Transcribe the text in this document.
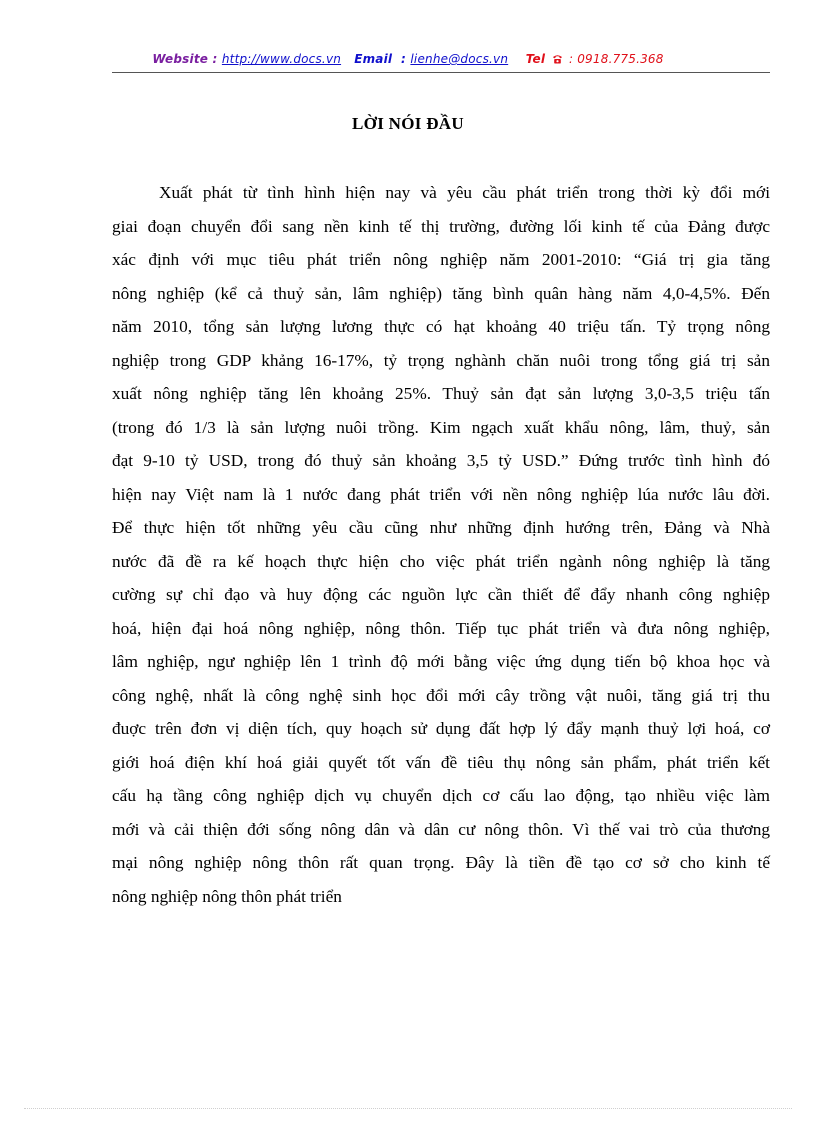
Website : http://www.docs.vn Email : lienhe@docs.vn Tel : 0918.775.368
LỜI NÓI ĐẦU
Xuất phát từ tình hình hiện nay và yêu cầu phát triển trong thời kỳ đổi mới
giai đoạn chuyển đổi sang nền kinh tế thị trường, đường lối kinh tế của Đảng được
xác định với mục tiêu phát triển nông nghiệp năm 2001-2010: “Giá trị gia tăng
nông nghiệp (kể cả thuỷ sản, lâm nghiệp) tăng bình quân hàng năm 4,0-4,5%. Đến
năm 2010, tổng sản lượng lương thực có hạt khoảng 40 triệu tấn. Tỷ trọng nông
nghiệp trong GDP khảng 16-17%, tỷ trọng nghành chăn nuôi trong tổng giá trị sản
xuất nông nghiệp tăng lên khoảng 25%. Thuỷ sản đạt sản lượng 3,0-3,5 triệu tấn
(trong đó 1/3 là sản lượng nuôi trồng. Kim ngạch xuất khẩu nông, lâm, thuỷ, sản
đạt 9-10 tỷ USD, trong đó thuỷ sản khoảng 3,5 tỷ USD.” Đứng trước tình hình đó
hiện nay Việt nam là 1 nước đang phát triển với nền nông nghiệp lúa nước lâu đời.
Để thực hiện tốt những yêu cầu cũng như những định hướng trên, Đảng và Nhà
nước đã đề ra kế hoạch thực hiện cho việc phát triển ngành nông nghiệp là tăng
cường sự chỉ đạo và huy động các nguồn lực cần thiết để đẩy nhanh công nghiệp
hoá, hiện đại hoá nông nghiệp, nông thôn. Tiếp tục phát triển và đưa nông nghiệp,
lâm nghiệp, ngư nghiệp lên 1 trình độ mới bằng việc ứng dụng tiến bộ khoa học và
công nghệ, nhất là công nghệ sinh học đổi mới cây trồng vật nuôi, tăng giá trị thu
đuợc trên đơn vị diện tích, quy hoạch sử dụng đất hợp lý đẩy mạnh thuỷ lợi hoá, cơ
giới hoá điện khí hoá giải quyết tốt vấn đề tiêu thụ nông sản phẩm, phát triển kết
cấu hạ tầng công nghiệp dịch vụ chuyển dịch cơ cấu lao động, tạo nhiều việc làm
mới và cải thiện đới sống nông dân và dân cư nông thôn. Vì thế vai trò của thương
mại nông nghiệp nông thôn rất quan trọng. Đây là tiền đề tạo cơ sở cho kinh tế
nông nghiệp nông thôn phát triển
